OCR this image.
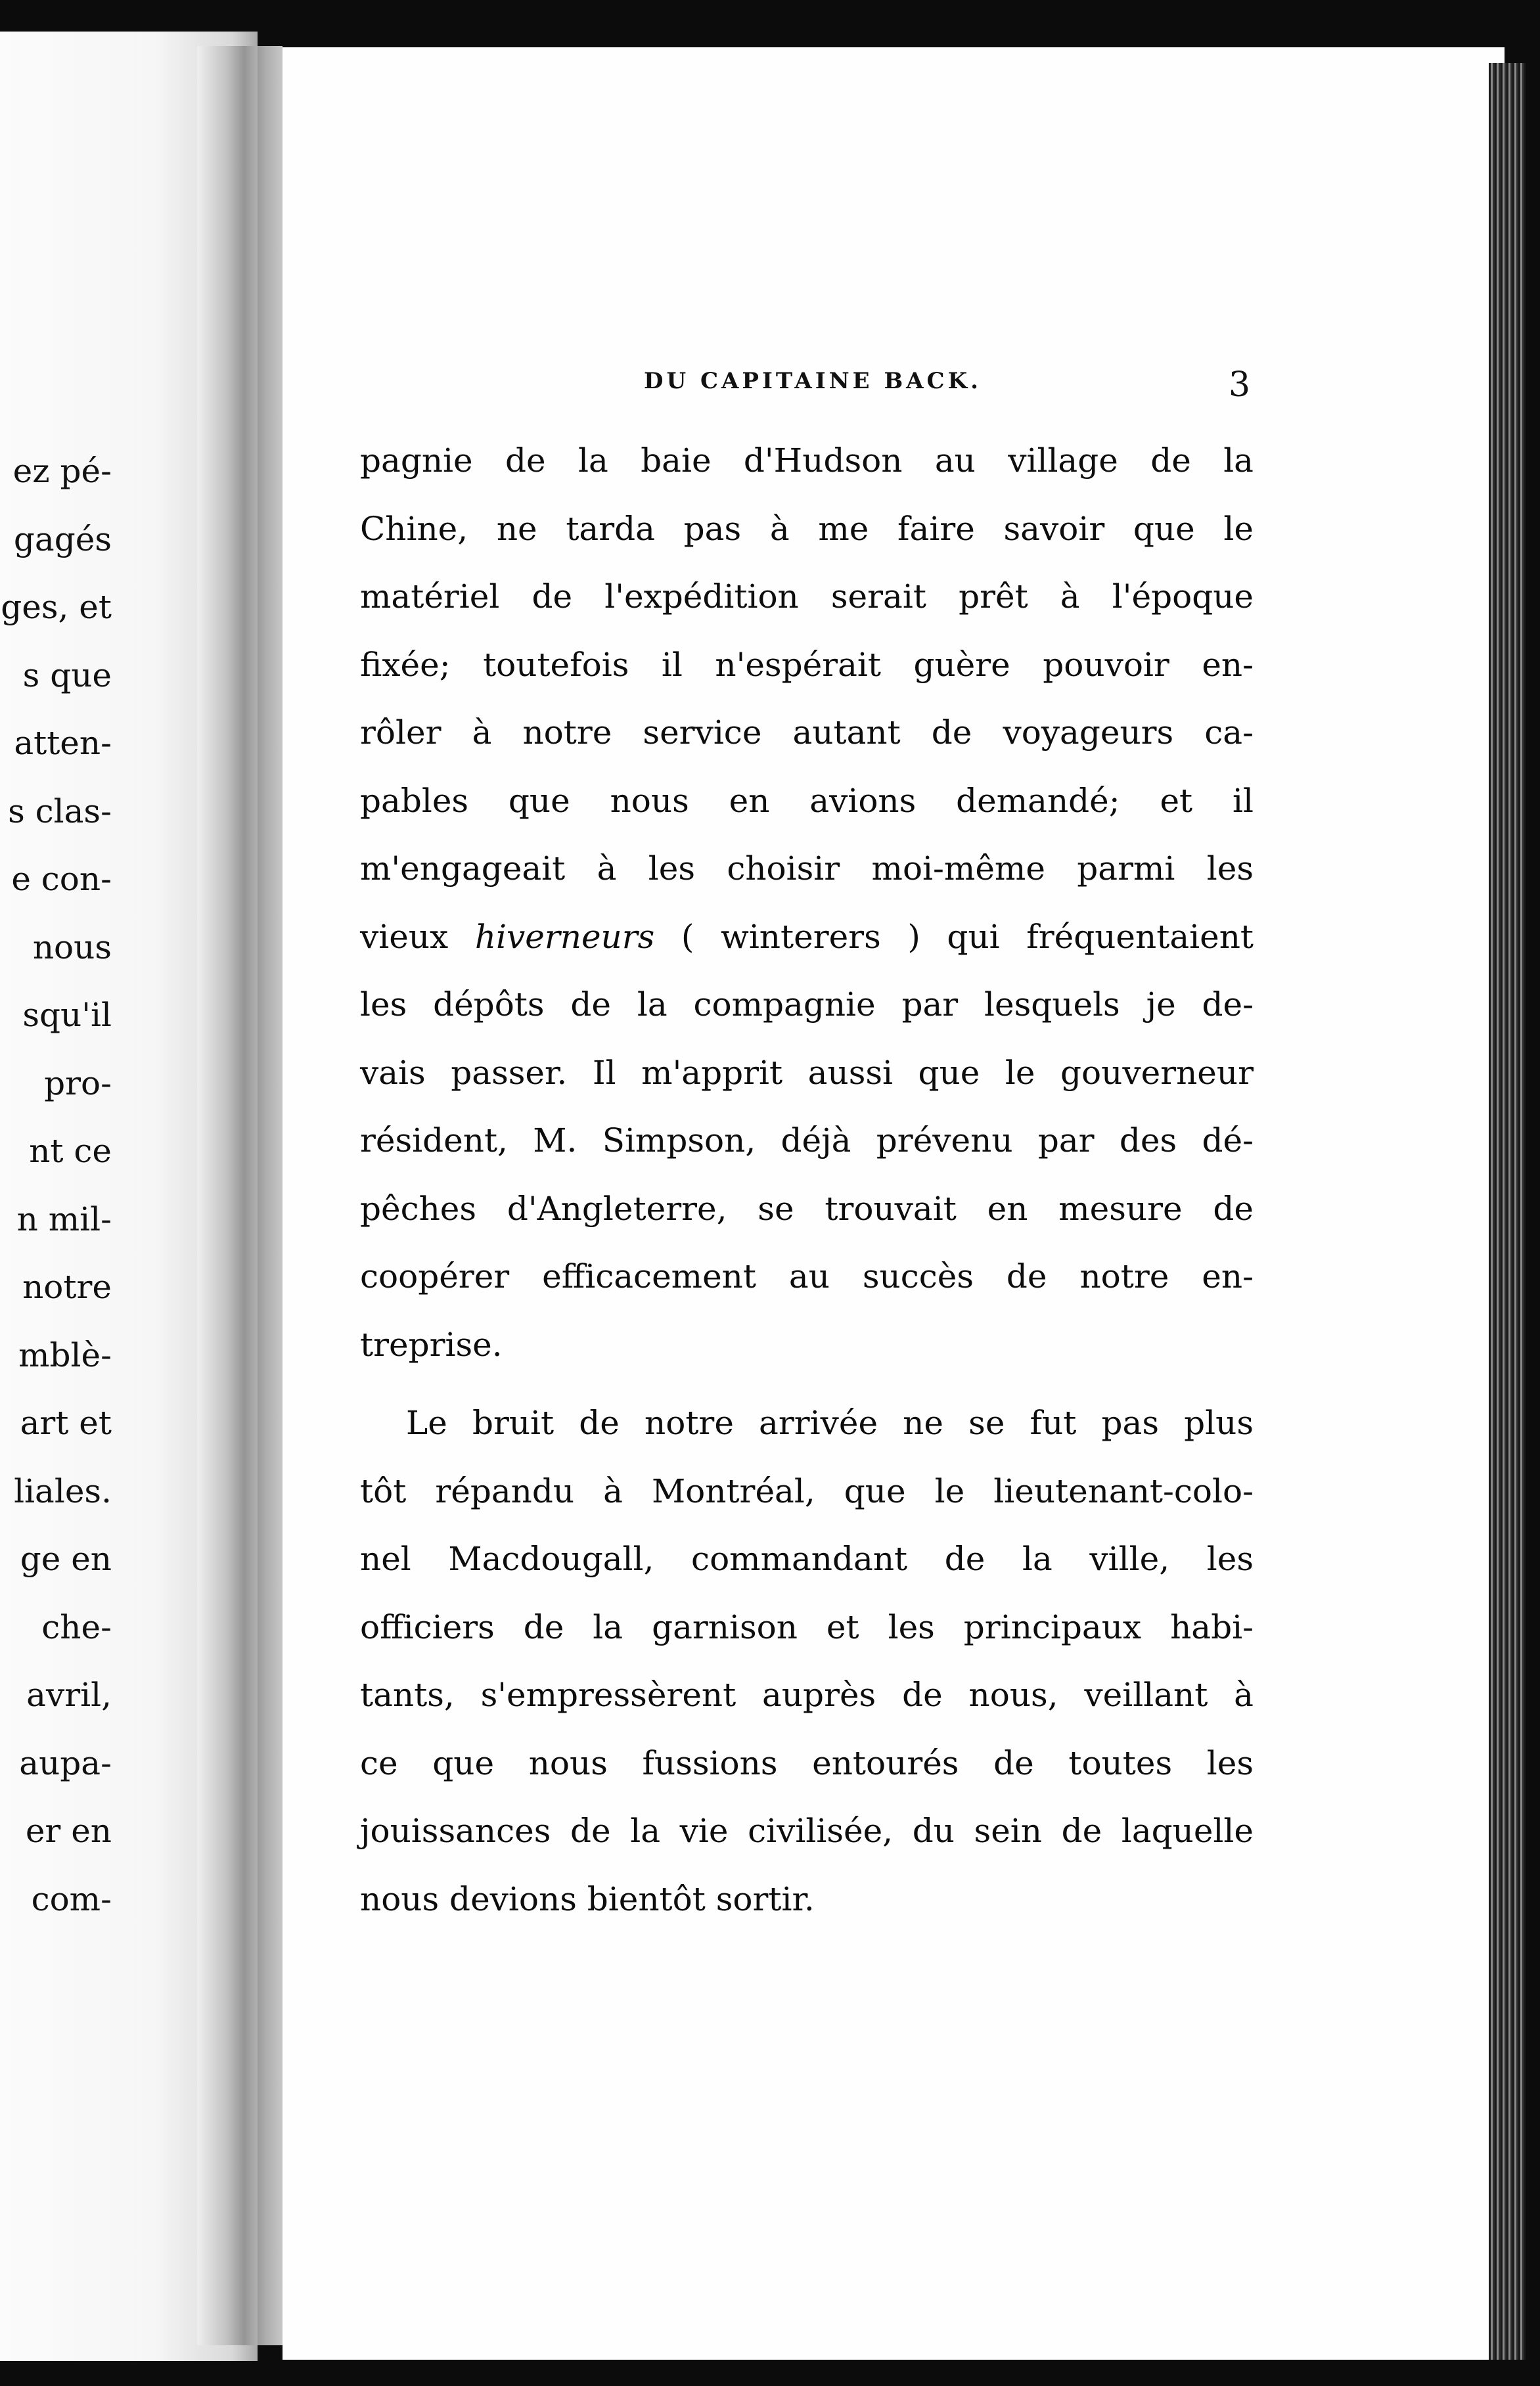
ez pé-
gagés
ges, et
s que
atten-
s clas-
e con-
nous
squ'il
pro-
nt ce
n mil-
notre
mblè-
art et
liales.
ge en
che-
avril,
aupa-
er en
com-
DU CAPITAINE BACK.	3
pagnie de la baie d'Hudson au village de la
Chine, ne tarda pas à me faire savoir que le
matériel de l'expédition serait prêt à l'époque
fixée; toutefois il n'espérait guère pouvoir en-
rôler à notre service autant de voyageurs ca-
pables que nous en avions demandé; et il
m'engageait à les choisir moi-même parmi les
vieux hiverneurs ( winterers ) qui fréquentaient
les dépôts de la compagnie par lesquels je de-
vais passer. Il m'apprit aussi que le gouverneur
résident, M. Simpson, déjà prévenu par des dé-
pêches d'Angleterre, se trouvait en mesure de
coopérer efficacement au succès de notre en-
treprise.
Le bruit de notre arrivée ne se fut pas plus
tôt répandu à Montréal, que le lieutenant-colo-
nel Macdougall, commandant de la ville, les
officiers de la garnison et les principaux habi-
tants, s'empressèrent auprès de nous, veillant à
ce que nous fussions entourés de toutes les
jouissances de la vie civilisée, du sein de laquelle
nous devions bientôt sortir.
